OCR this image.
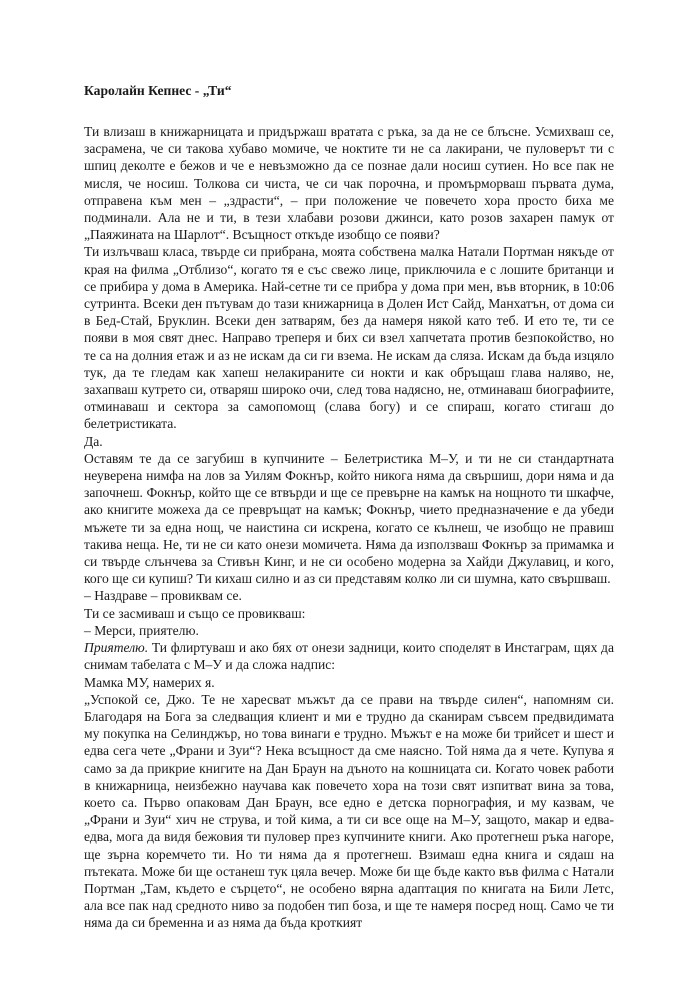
Каролайн Кепнес - „Ти“
Ти влизаш в книжарницата и придържаш вратата с ръка, за да не се блъсне. Усмихваш се, засрамена, че си такова хубаво момиче, че ноктите ти не са лакирани, че пуловерът ти с шпиц деколте е бежов и че е невъзможно да се познае дали носиш сутиен. Но все пак не мисля, че носиш. Толкова си чиста, че си чак порочна, и промърморваш първата дума, отправена към мен – „здрасти“, – при положение че повечето хора просто биха ме подминали. Ала не и ти, в тези хлабави розови джинси, като розов захарен памук от „Паяжината на Шарлот“. Всъщност откъде изобщо се появи?
Ти излъчваш класа, твърде си прибрана, моята собствена малка Натали Портман някъде от края на филма „Отблизо“, когато тя е със свежо лице, приключила е с лошите британци и се прибира у дома в Америка. Най-сетне ти се прибра у дома при мен, във вторник, в 10:06 сутринта. Всеки ден пътувам до тази книжарница в Долен Ист Сайд, Манхатън, от дома си в Бед-Стай, Бруклин. Всеки ден затварям, без да намеря някой като теб. И ето те, ти се появи в моя свят днес. Направо треперя и бих си взел хапчетата против безпокойство, но те са на долния етаж и аз не искам да си ги вземa. Не искам да сляза. Искам да бъда изцяло тук, да те гледам как хапеш нелакираните си нокти и как обръщаш глава наляво, не, захапваш кутрето си, отваряш широко очи, след това надясно, не, отминаваш биографиите, отминаваш и сектора за самопомощ (слава богу) и се спираш, когато стигаш до белетристиката.
Да.
Оставям те да се загубиш в купчините – Белетристика М–У, и ти не си стандартната неуверена нимфа на лов за Уилям Фокнър, който никога няма да свършиш, дори няма и да започнеш. Фокнър, който ще се втвърди и ще се превърне на камък на нощното ти шкафче, ако книгите можеха да се превръщат на камък; Фокнър, чието предназначение е да убеди мъжете ти за една нощ, че наистина си искрена, когато се кълнеш, че изобщо не правиш такива неща. Не, ти не си като онези момичета. Няма да използваш Фокнър за примамка и си твърде слънчева за Стивън Кинг, и не си особено модерна за Хайди Джулавиц, и кого, кого ще си купиш? Ти кихаш силно и аз си представям колко ли си шумна, като свършваш.
– Наздраве – провиквам се.
Ти се засмиваш и също се провикваш:
– Мерси, приятелю.
Приятелю. Ти флиртуваш и ако бях от онези задници, които споделят в Инстаграм, щях да снимам табелата с М–У и да сложа надпис:
Мамка МУ, намерих я.
„Успокой се, Джо. Те не харесват мъжът да се прави на твърде силен“, напомням си. Благодаря на Бога за следващия клиент и ми е трудно да сканирам съвсем предвидимата му покупка на Селинджър, но това винаги е трудно. Мъжът е на може би трийсет и шест и едва сега чете „Франи и Зуи“? Нека всъщност да сме наясно. Той няма да я чете. Купува я само за да прикрие книгите на Дан Браун на дъното на кошницата си. Когато човек работи в книжарница, неизбежно научава как повечето хора на този свят изпитват вина за това, което са. Първо опаковам Дан Браун, все едно е детска порнография, и му казвам, че „Франи и Зуи“ хич не струва, и той кима, а ти си все още на М–У, защото, макар и едва-едва, мога да видя бежовия ти пуловер през купчините книги. Ако протегнеш ръка нагоре, ще зърна коремчето ти. Но ти няма да я протегнеш. Взимаш една книга и сядаш на пътеката. Може би ще останеш тук цяла вечер. Може би ще бъде както във филма с Натали Портман „Там, където е сърцето“, не особено вярна адаптация по книгата на Били Летс, ала все пак над средното ниво за подобен тип боза, и ще те намеря посред нощ. Само че ти няма да си бременна и аз няма да бъда кроткият
